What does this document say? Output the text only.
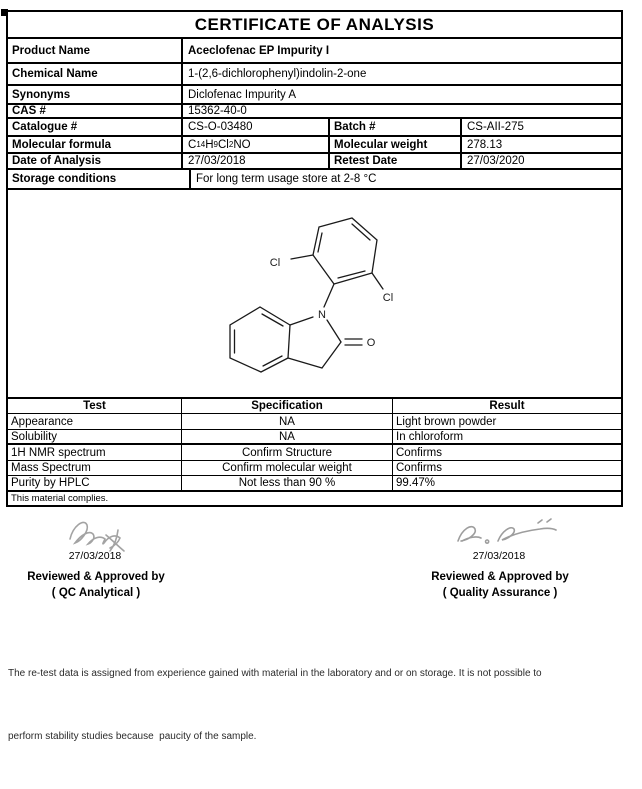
CERTIFICATE OF ANALYSIS
Product Name	Aceclofenac EP Impurity I
Chemical Name	1-(2,6-dichlorophenyl)indolin-2-one
Synonyms	Diclofenac Impurity A
CAS #	15362-40-0
Catalogue #	CS-O-03480	Batch #	CS-AII-275
Molecular formula	C 14 H 9 Cl 2 NO	Molecular weight	278.13
Date of Analysis	27/03/2018	Retest Date	27/03/2020
Storage conditions	For long term usage store at 2-8 °C
Cl
Cl
N
O
Test	Specification	Result
Appearance	NA	Light brown powder
Solubility	NA	In chloroform
1H NMR spectrum	Confirm Structure	Confirms
Mass Spectrum	Confirm molecular weight	Confirms
Purity by HPLC	Not less than 90 %	99.47%
This material complies.
27/03/2018
Reviewed & Approved by
( QC Analytical )
27/03/2018
Reviewed & Approved by
( Quality Assurance )

The re-test data is assigned from experience gained with material in the laboratory and or on storage. It is not possible to

perform stability studies because  paucity of the sample.
